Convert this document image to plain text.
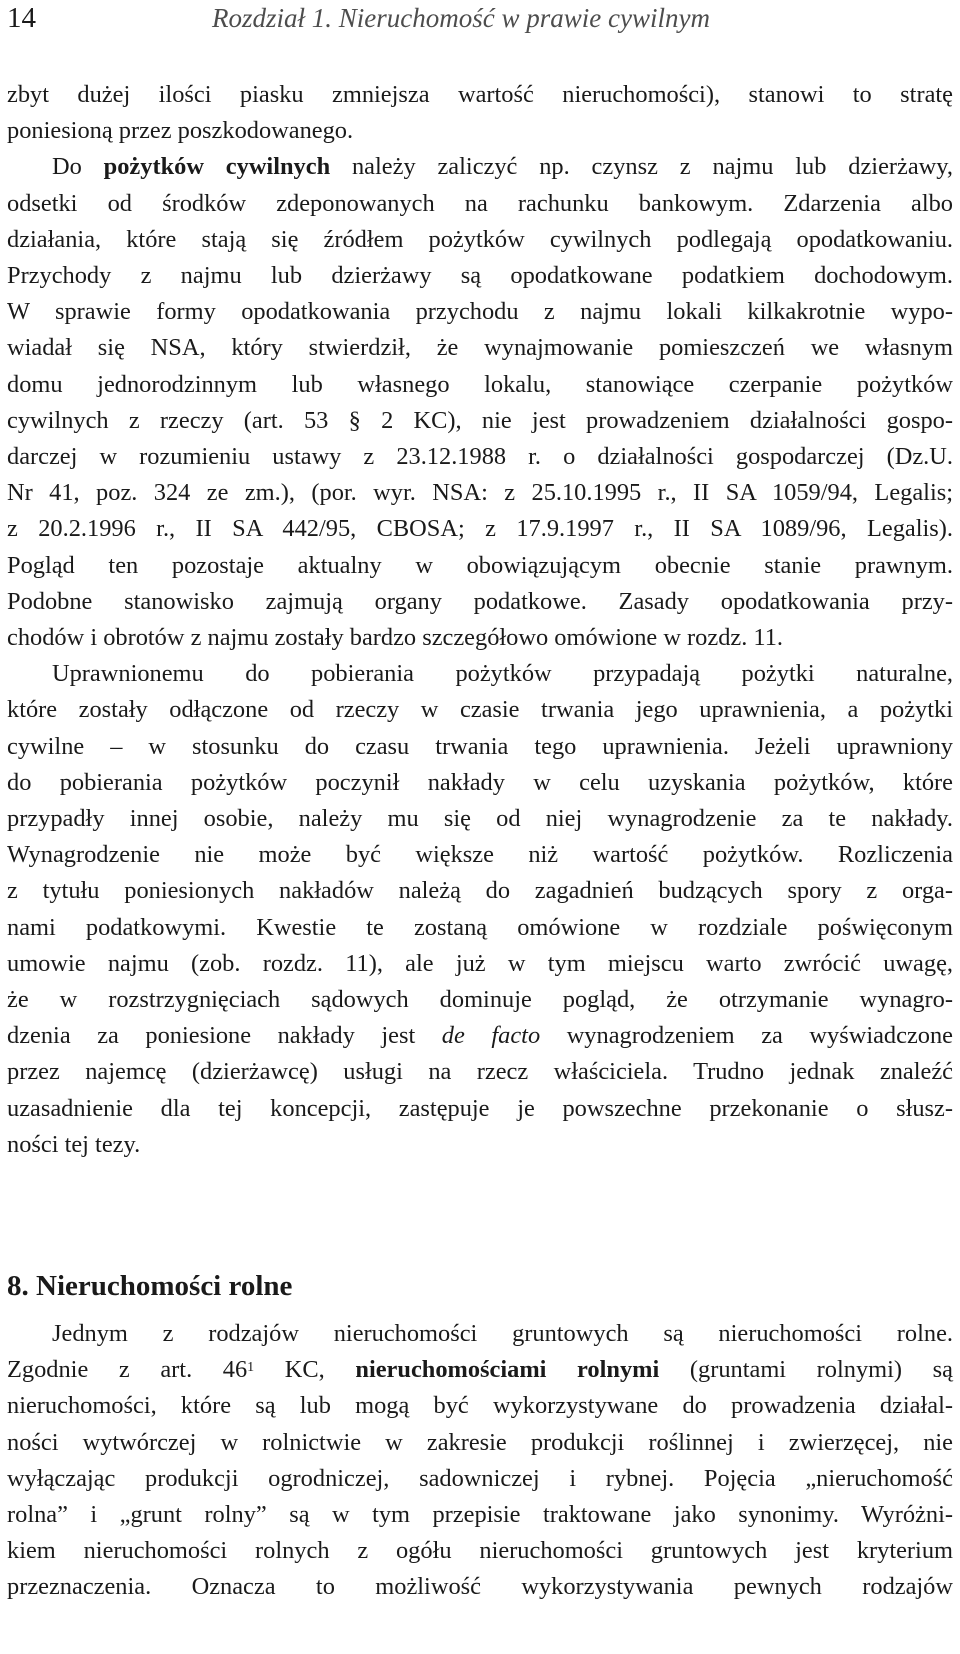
14	Rozdział 1. Nieruchomość w prawie cywilnym

zbyt dużej ilości piasku zmniejsza wartość nieruchomości), stanowi to stratę
poniesioną przez poszkodowanego.

Do pożytków cywilnych należy zaliczyć np. czynsz z najmu lub dzierżawy,
odsetki od środków zdeponowanych na rachunku bankowym. Zdarzenia albo
działania, które stają się źródłem pożytków cywilnych podlegają opodatkowaniu.
Przychody z najmu lub dzierżawy są opodatkowane podatkiem dochodowym.
W sprawie formy opodatkowania przychodu z najmu lokali kilkakrotnie wypo-
wiadał się NSA, który stwierdził, że wynajmowanie pomieszczeń we własnym
domu jednorodzinnym lub własnego lokalu, stanowiące czerpanie pożytków
cywilnych z rzeczy (art. 53 § 2 KC), nie jest prowadzeniem działalności gospo-
darczej w rozumieniu ustawy z 23.12.1988 r. o działalności gospodarczej (Dz.U.
Nr 41, poz. 324 ze zm.), (por. wyr. NSA: z 25.10.1995 r., II SA 1059/94, Legalis;
z 20.2.1996 r., II SA 442/95, CBOSA; z 17.9.1997 r., II SA 1089/96, Legalis).
Pogląd ten pozostaje aktualny w obowiązującym obecnie stanie prawnym.
Podobne stanowisko zajmują organy podatkowe. Zasady opodatkowania przy-
chodów i obrotów z najmu zostały bardzo szczegółowo omówione w rozdz. 11.

Uprawnionemu do pobierania pożytków przypadają pożytki naturalne,
które zostały odłączone od rzeczy w czasie trwania jego uprawnienia, a pożytki
cywilne – w stosunku do czasu trwania tego uprawnienia. Jeżeli uprawniony
do pobierania pożytków poczynił nakłady w celu uzyskania pożytków, które
przypadły innej osobie, należy mu się od niej wynagrodzenie za te nakłady.
Wynagrodzenie nie może być większe niż wartość pożytków. Rozliczenia
z tytułu poniesionych nakładów należą do zagadnień budzących spory z orga-
nami podatkowymi. Kwestie te zostaną omówione w rozdziale poświęconym
umowie najmu (zob. rozdz. 11), ale już w tym miejscu warto zwrócić uwagę,
że w rozstrzygnięciach sądowych dominuje pogląd, że otrzymanie wynagro-
dzenia za poniesione nakłady jest de facto wynagrodzeniem za wyświadczone
przez najemcę (dzierżawcę) usługi na rzecz właściciela. Trudno jednak znaleźć
uzasadnienie dla tej koncepcji, zastępuje je powszechne przekonanie o słusz-
ności tej tezy.

8. Nieruchomości rolne

Jednym z rodzajów nieruchomości gruntowych są nieruchomości rolne.
Zgodnie z art. $46^1$ KC, nieruchomościami rolnymi (gruntami rolnymi) są
nieruchomości, które są lub mogą być wykorzystywane do prowadzenia działal-
ności wytwórczej w rolnictwie w zakresie produkcji roślinnej i zwierzęcej, nie
wyłączając produkcji ogrodniczej, sadowniczej i rybnej. Pojęcia „nieruchomość
rolna” i „grunt rolny” są w tym przepisie traktowane jako synonimy. Wyróżni-
kiem nieruchomości rolnych z ogółu nieruchomości gruntowych jest kryterium
przeznaczenia. Oznacza to możliwość wykorzystywania pewnych rodzajów
